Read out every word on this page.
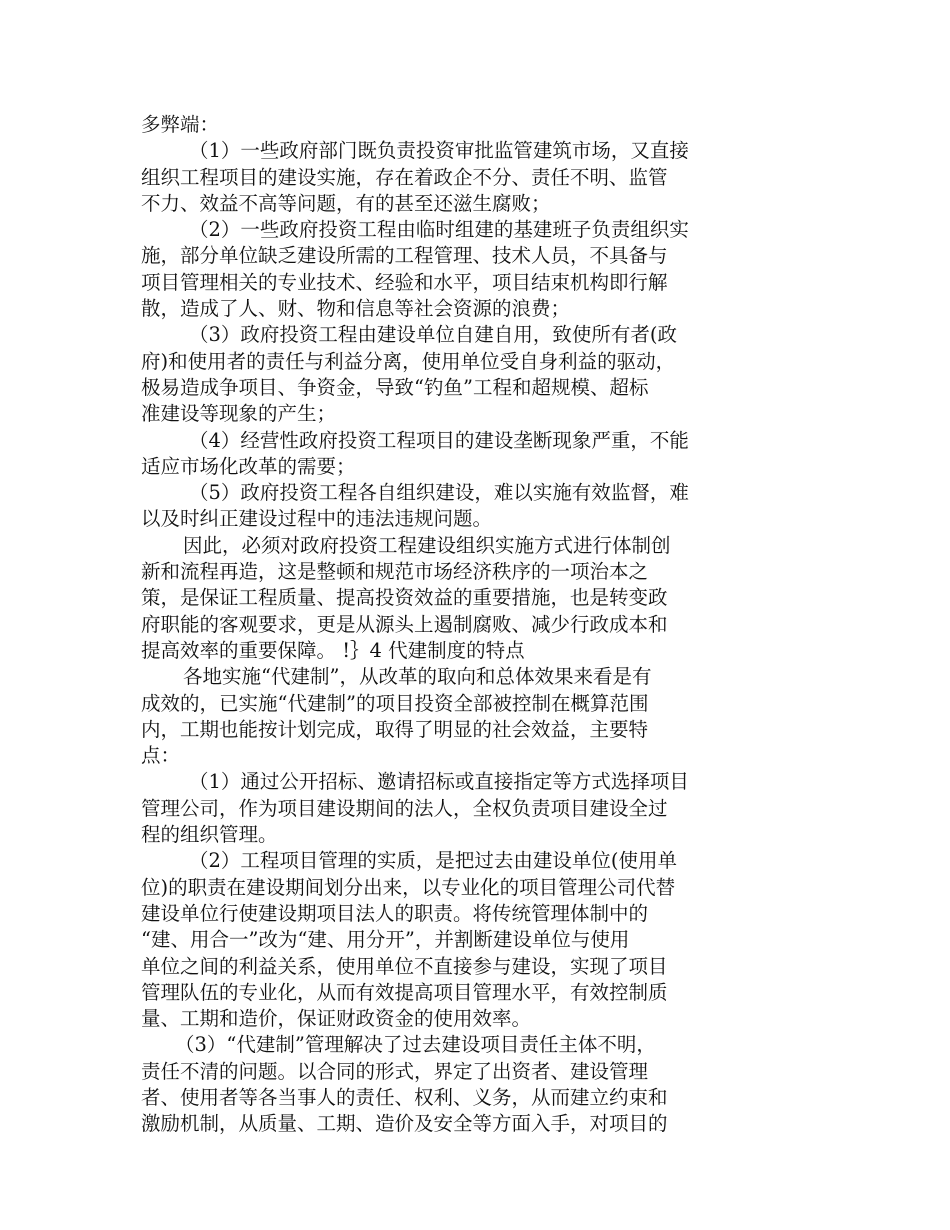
多弊端：
（1）一些政府部门既负责投资审批监管建筑市场，又直接
组织工程项目的建设实施，存在着政企不分、责任不明、监管
不力、效益不高等问题，有的甚至还滋生腐败；
（2）一些政府投资工程由临时组建的基建班子负责组织实
施，部分单位缺乏建设所需的工程管理、技术人员，不具备与
项目管理相关的专业技术、经验和水平，项目结束机构即行解
散，造成了人、财、物和信息等社会资源的浪费；
（3）政府投资工程由建设单位自建自用，致使所有者(政
府)和使用者的责任与利益分离，使用单位受自身利益的驱动，
极易造成争项目、争资金，导致“钓鱼”工程和超规模、超标
准建设等现象的产生；
（4）经营性政府投资工程项目的建设垄断现象严重，不能
适应市场化改革的需要；
（5）政府投资工程各自组织建设，难以实施有效监督，难
以及时纠正建设过程中的违法违规问题。
因此，必须对政府投资工程建设组织实施方式进行体制创
新和流程再造，这是整顿和规范市场经济秩序的一项治本之
策，是保证工程质量、提高投资效益的重要措施，也是转变政
府职能的客观要求，更是从源头上遏制腐败、减少行政成本和
提高效率的重要保障。 !｝4 代建制度的特点
各地实施“代建制”，从改革的取向和总体效果来看是有
成效的，已实施“代建制”的项目投资全部被控制在概算范围
内，工期也能按计划完成，取得了明显的社会效益，主要特
点：
（1）通过公开招标、邀请招标或直接指定等方式选择项目
管理公司，作为项目建设期间的法人，全权负责项目建设全过
程的组织管理。
（2）工程项目管理的实质，是把过去由建设单位(使用单
位)的职责在建设期间划分出来，以专业化的项目管理公司代替
建设单位行使建设期项目法人的职责。将传统管理体制中的
“建、用合一”改为“建、用分开”，并割断建设单位与使用
单位之间的利益关系，使用单位不直接参与建设，实现了项目
管理队伍的专业化，从而有效提高项目管理水平，有效控制质
量、工期和造价，保证财政资金的使用效率。
（3）“代建制”管理解决了过去建设项目责任主体不明，
责任不清的问题。以合同的形式，界定了出资者、建设管理
者、使用者等各当事人的责任、权利、义务，从而建立约束和
激励机制，从质量、工期、造价及安全等方面入手，对项目的
